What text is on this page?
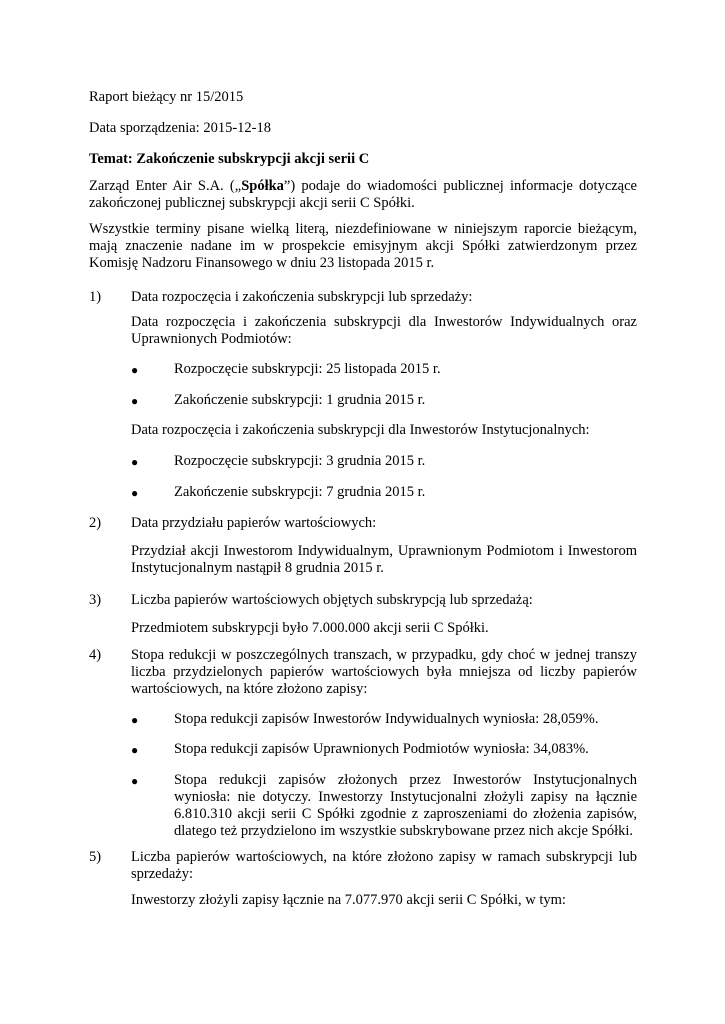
Raport bieżący nr 15/2015

Data sporządzenia: 2015-12-18

Temat: Zakończenie subskrypcji akcji serii C

Zarząd Enter Air S.A. („Spółka”) podaje do wiadomości publicznej informacje dotyczące zakończonej publicznej subskrypcji akcji serii C Spółki.

Wszystkie terminy pisane wielką literą, niezdefiniowane w niniejszym raporcie bieżącym, mają znaczenie nadane im w prospekcie emisyjnym akcji Spółki zatwierdzonym przez Komisję Nadzoru Finansowego w dniu 23 listopada 2015 r.

1) Data rozpoczęcia i zakończenia subskrypcji lub sprzedaży:

Data rozpoczęcia i zakończenia subskrypcji dla Inwestorów Indywidualnych oraz Uprawnionych Podmiotów:

● Rozpoczęcie subskrypcji: 25 listopada 2015 r.

● Zakończenie subskrypcji: 1 grudnia 2015 r.

Data rozpoczęcia i zakończenia subskrypcji dla Inwestorów Instytucjonalnych:

● Rozpoczęcie subskrypcji: 3 grudnia 2015 r.

● Zakończenie subskrypcji: 7 grudnia 2015 r.

2) Data przydziału papierów wartościowych:

Przydział akcji Inwestorom Indywidualnym, Uprawnionym Podmiotom i Inwestorom Instytucjonalnym nastąpił 8 grudnia 2015 r.

3) Liczba papierów wartościowych objętych subskrypcją lub sprzedażą:

Przedmiotem subskrypcji było 7.000.000 akcji serii C Spółki.

4) Stopa redukcji w poszczególnych transzach, w przypadku, gdy choć w jednej transzy liczba przydzielonych papierów wartościowych była mniejsza od liczby papierów wartościowych, na które złożono zapisy:

● Stopa redukcji zapisów Inwestorów Indywidualnych wyniosła: 28,059%.

● Stopa redukcji zapisów Uprawnionych Podmiotów wyniosła: 34,083%.

● Stopa redukcji zapisów złożonych przez Inwestorów Instytucjonalnych wyniosła: nie dotyczy. Inwestorzy Instytucjonalni złożyli zapisy na łącznie 6.810.310 akcji serii C Spółki zgodnie z zaproszeniami do złożenia zapisów, dlatego też przydzielono im wszystkie subskrybowane przez nich akcje Spółki.

5) Liczba papierów wartościowych, na które złożono zapisy w ramach subskrypcji lub sprzedaży:

Inwestorzy złożyli zapisy łącznie na 7.077.970 akcji serii C Spółki, w tym:
